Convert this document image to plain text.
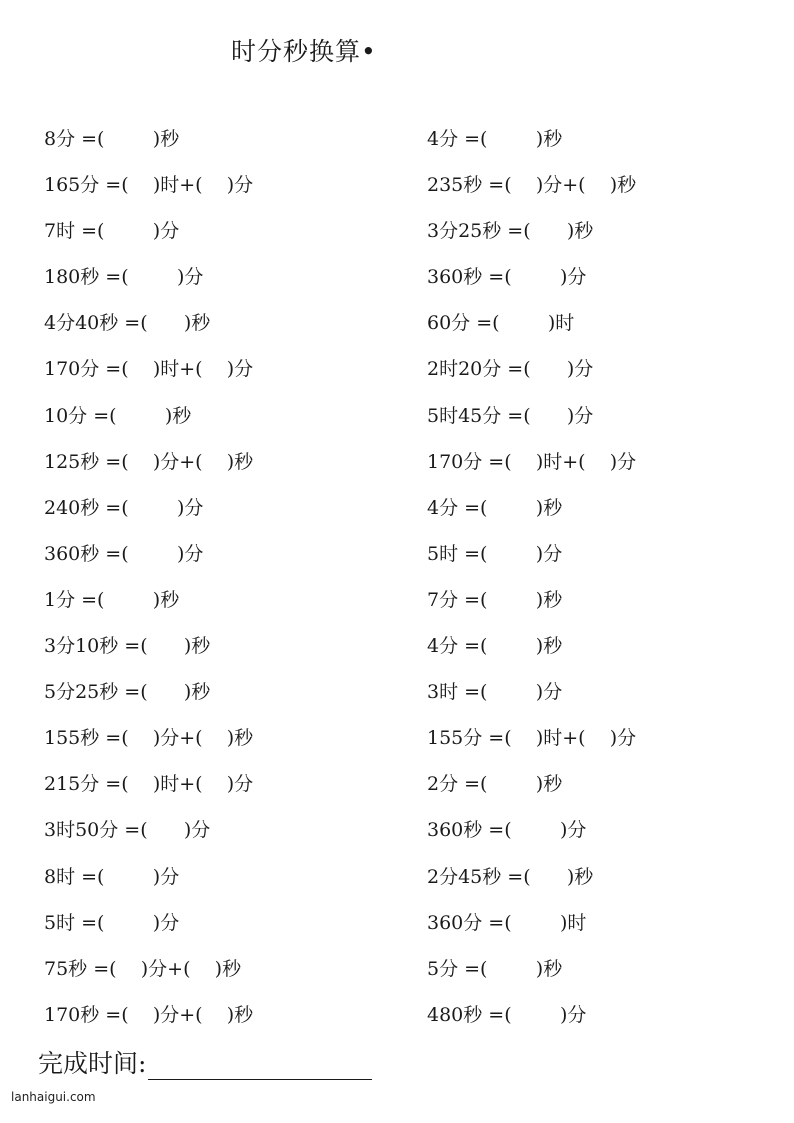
时分秒换算•
8分 =(	)秒
165分 =( )时+( )分
7时 =(	)分
180秒 =(	)分
4分40秒 =( )秒
170分 =( )时+( )分
10分 =(	)秒
125秒 =( )分+( )秒
240秒 =(	)分
360秒 =(	)分
1分 =(	)秒
3分10秒 =( )秒
5分25秒 =( )秒
155秒 =( )分+( )秒
215分 =( )时+( )分
3时50分 =( )分
8时 =(	)分
5时 =(	)分
75秒 =( )分+( )秒
170秒 =( )分+( )秒
4分 =(	)秒
235秒 =( )分+( )秒
3分25秒 =( )秒
360秒 =(	)分
60分 =(	)时
2时20分 =( )分
5时45分 =( )分
170分 =( )时+( )分
4分 =(	)秒
5时 =(	)分
7分 =(	)秒
4分 =(	)秒
3时 =(	)分
155分 =( )时+( )分
2分 =(	)秒
360秒 =(	)分
2分45秒 =( )秒
360分 =(	)时
5分 =(	)秒
480秒 =(	)分
完成时间:
lanhaigui.com
